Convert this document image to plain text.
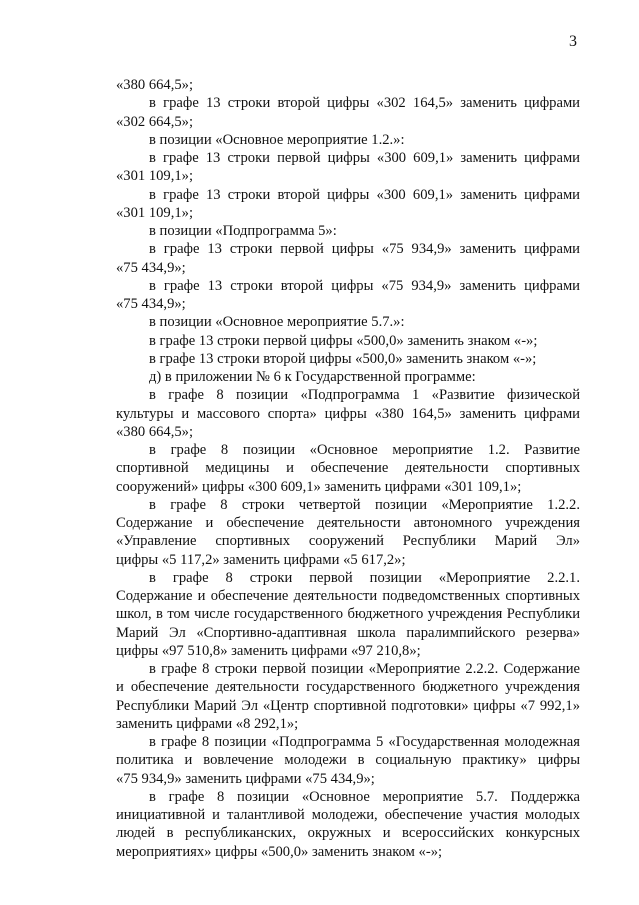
3
«380 664,5»;
в графе 13 строки второй цифры «302 164,5» заменить цифрами
«302 664,5»;
в позиции «Основное мероприятие 1.2.»:
в графе 13 строки первой цифры «300 609,1» заменить цифрами
«301 109,1»;
в графе 13 строки второй цифры «300 609,1» заменить цифрами
«301 109,1»;
в позиции «Подпрограмма 5»:
в графе 13 строки первой цифры «75 934,9» заменить цифрами
«75 434,9»;
в графе 13 строки второй цифры «75 934,9» заменить цифрами
«75 434,9»;
в позиции «Основное мероприятие 5.7.»:
в графе 13 строки первой цифры «500,0» заменить знаком «-»;
в графе 13 строки второй цифры «500,0» заменить знаком «-»;
д) в приложении № 6 к Государственной программе:
в графе 8 позиции «Подпрограмма 1 «Развитие физической
культуры и массового спорта» цифры «380 164,5» заменить цифрами
«380 664,5»;
в графе 8 позиции «Основное мероприятие 1.2. Развитие
спортивной медицины и обеспечение деятельности спортивных
сооружений» цифры «300 609,1» заменить цифрами «301 109,1»;
в графе 8 строки четвертой позиции «Мероприятие 1.2.2.
Содержание и обеспечение деятельности автономного учреждения
«Управление спортивных сооружений Республики Марий Эл»
цифры «5 117,2» заменить цифрами «5 617,2»;
в графе 8 строки первой позиции «Мероприятие 2.2.1.
Содержание и обеспечение деятельности подведомственных спортивных
школ, в том числе государственного бюджетного учреждения Республики
Марий Эл «Спортивно-адаптивная школа паралимпийского резерва»
цифры «97 510,8» заменить цифрами «97 210,8»;
в графе 8 строки первой позиции «Мероприятие 2.2.2. Содержание
и обеспечение деятельности государственного бюджетного учреждения
Республики Марий Эл «Центр спортивной подготовки» цифры «7 992,1»
заменить цифрами «8 292,1»;
в графе 8 позиции «Подпрограмма 5 «Государственная молодежная
политика и вовлечение молодежи в социальную практику» цифры
«75 934,9» заменить цифрами «75 434,9»;
в графе 8 позиции «Основное мероприятие 5.7. Поддержка
инициативной и талантливой молодежи, обеспечение участия молодых
людей в республиканских, окружных и всероссийских конкурсных
мероприятиях» цифры «500,0» заменить знаком «-»;
